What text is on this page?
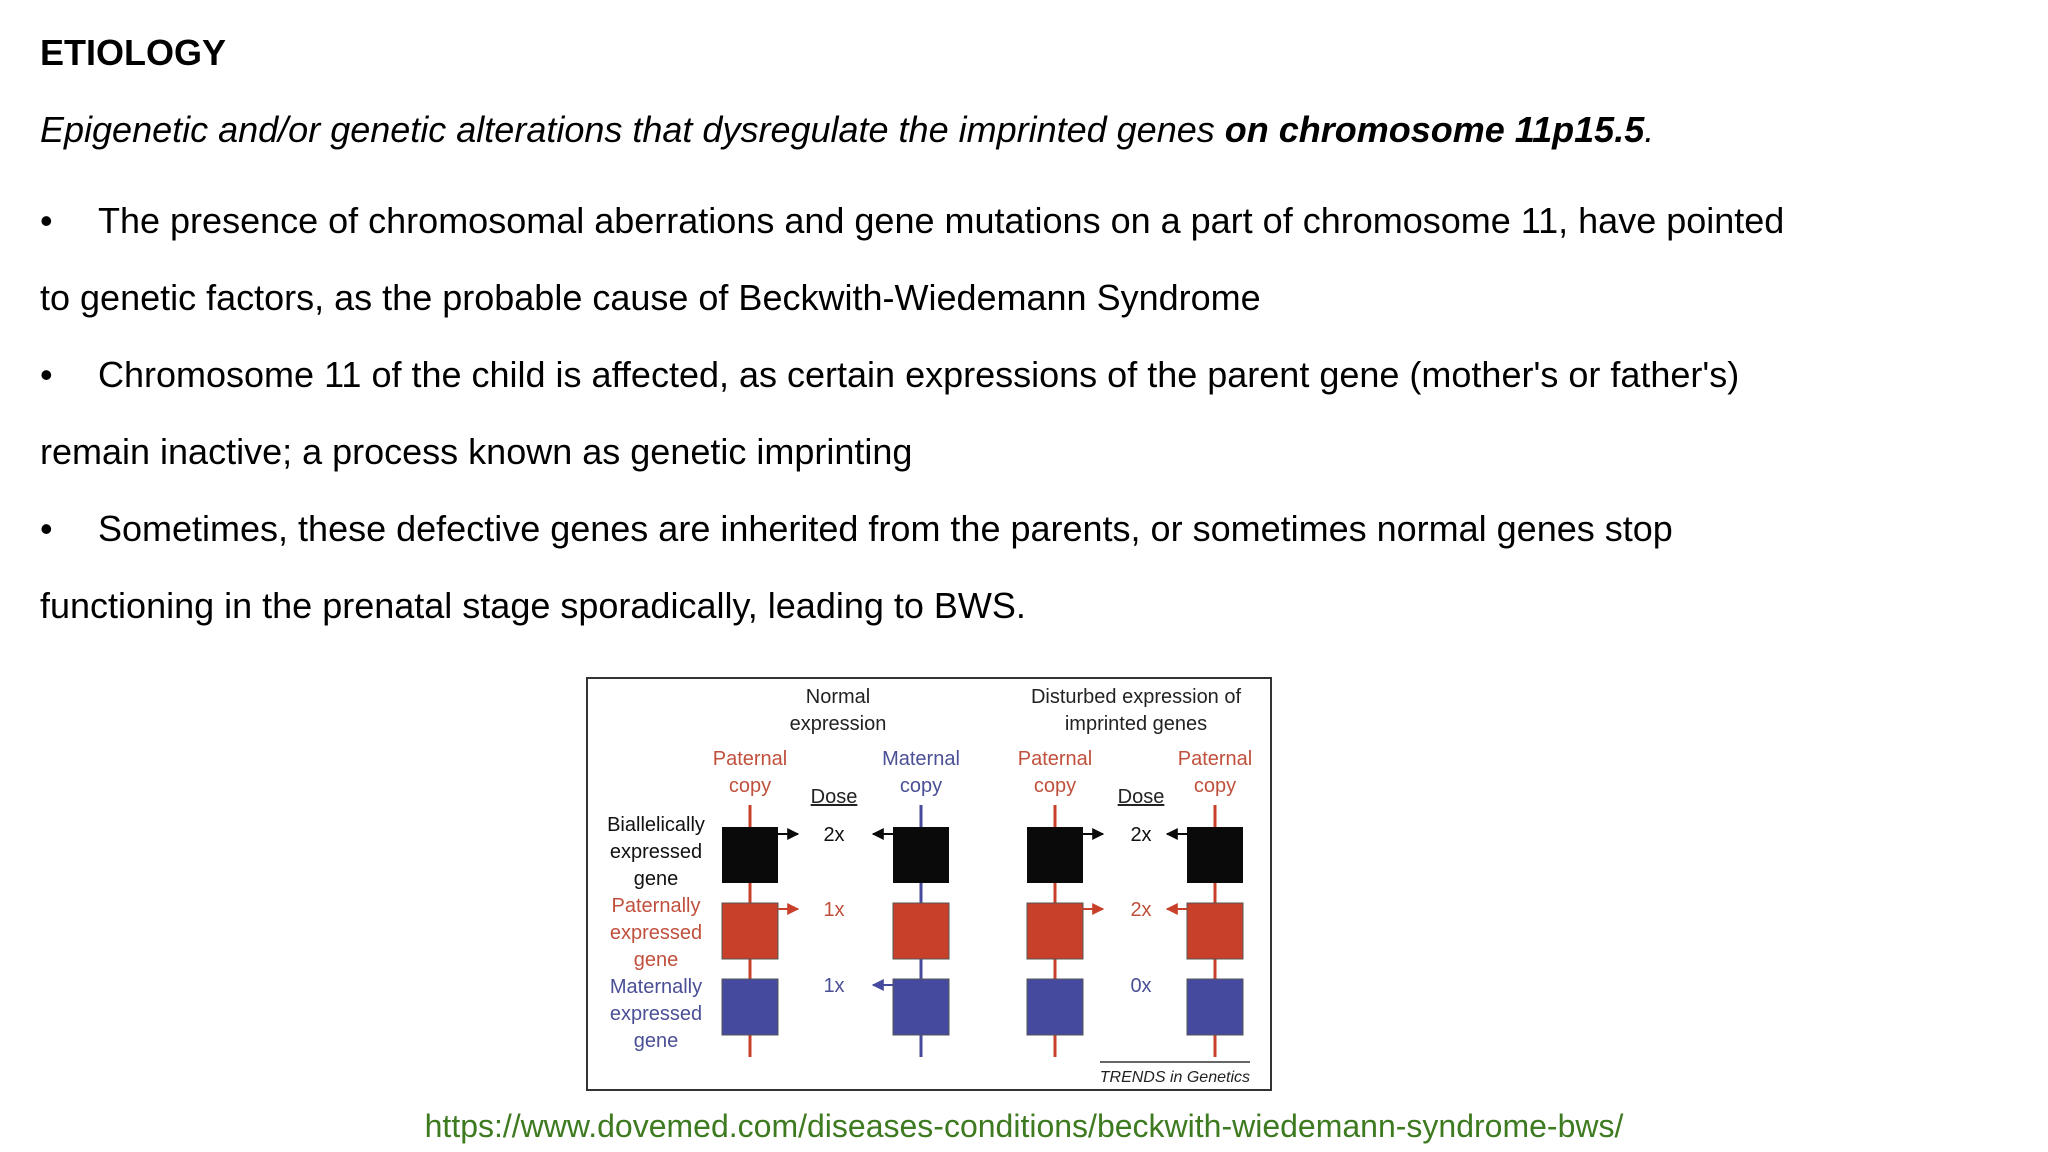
ETIOLOGY
Epigenetic and/or genetic alterations that dysregulate the imprinted genes on chromosome 11p15.5.

• The presence of chromosomal aberrations and gene mutations on a part of chromosome 11, have pointed
to genetic factors, as the probable cause of Beckwith-Wiedemann Syndrome

• Chromosome 11 of the child is affected, as certain expressions of the parent gene (mother's or father's)
remain inactive; a process known as genetic imprinting

• Sometimes, these defective genes are inherited from the parents, or sometimes normal genes stop
functioning in the prenatal stage sporadically, leading to BWS.

Normal
expression
Disturbed expression of
imprinted genes
Paternal
copy
Maternal
copy
Paternal
copy
Paternal
copy
Dose	Dose
Biallelically
expressed
gene
Paternally
expressed
gene
Maternally
expressed
gene
2x
1x
1x
2x
2x
0x
TRENDS in Genetics
https://www.dovemed.com/diseases-conditions/beckwith-wiedemann-syndrome-bws/
